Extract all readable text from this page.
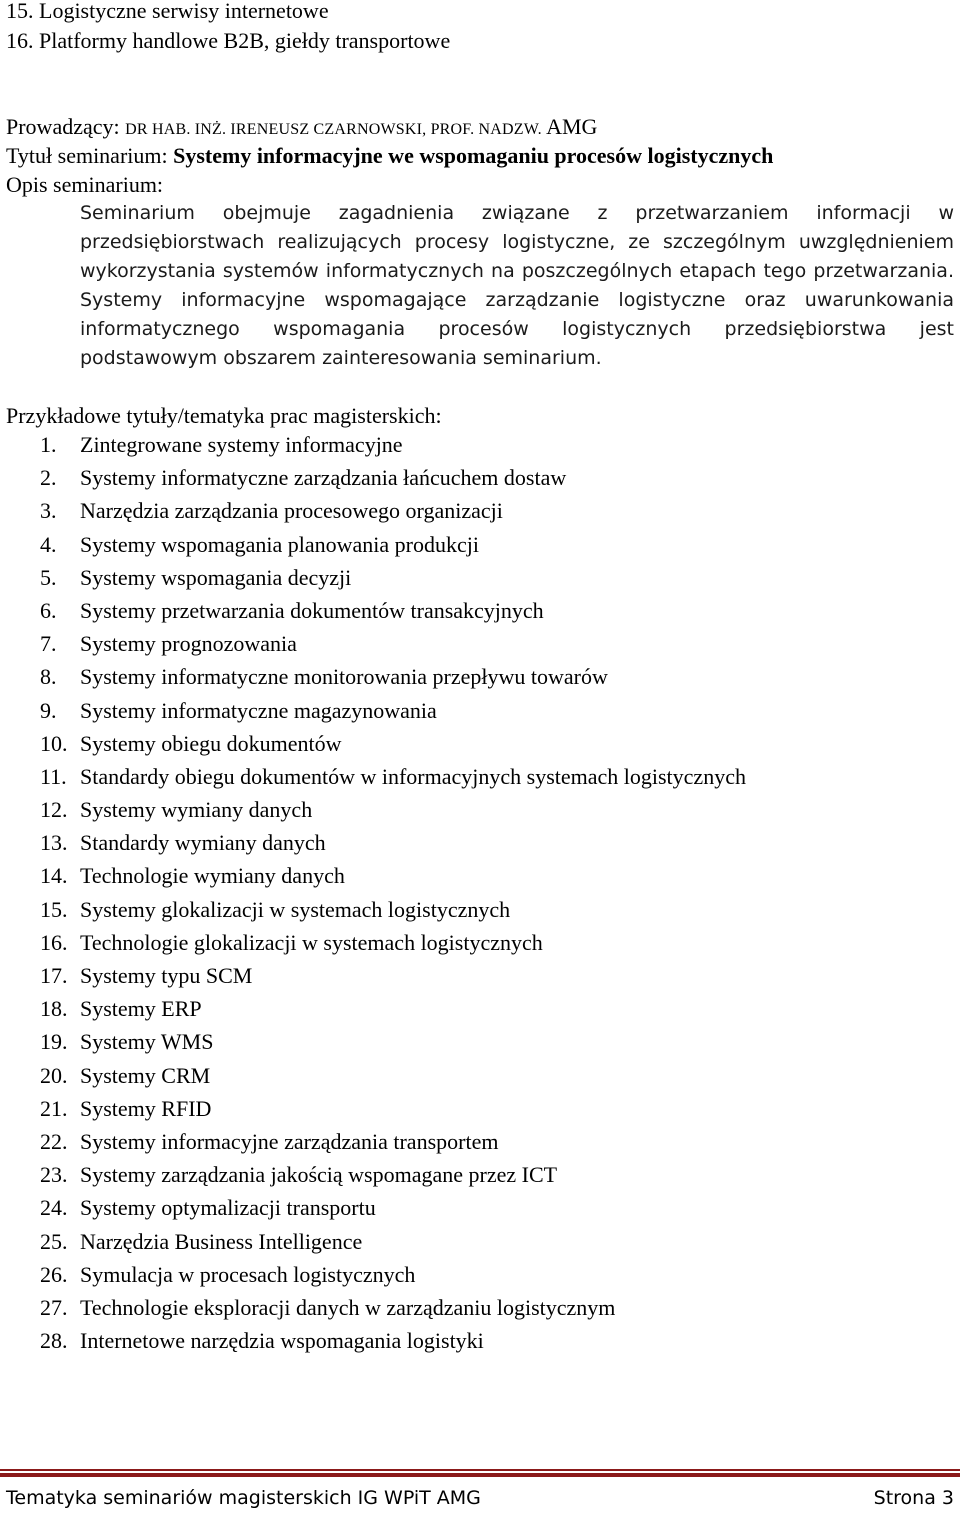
15. Logistyczne serwisy internetowe
16. Platformy handlowe B2B, giełdy transportowe

Prowadzący: DR HAB. INŻ. IRENEUSZ CZARNOWSKI, PROF. NADZW. AMG

Tytuł seminarium: Systemy informacyjne we wspomaganiu procesów logistycznych

Opis seminarium:

Seminarium obejmuje zagadnienia związane z przetwarzaniem informacji w przedsiębiorstwach realizujących procesy logistyczne, ze szczególnym uwzględnieniem wykorzystania systemów informatycznych na poszczególnych etapach tego przetwarzania. Systemy informacyjne wspomagające zarządzanie logistyczne oraz uwarunkowania informatycznego wspomagania procesów logistycznych przedsiębiorstwa jest podstawowym obszarem zainteresowania seminarium.

Przykładowe tytuły/tematyka prac magisterskich:

1.	Zintegrowane systemy informacyjne
2.	Systemy informatyczne zarządzania łańcuchem dostaw
3.	Narzędzia zarządzania procesowego organizacji
4.	Systemy wspomagania planowania produkcji
5.	Systemy wspomagania decyzji
6.	Systemy przetwarzania dokumentów transakcyjnych
7.	Systemy prognozowania
8.	Systemy informatyczne monitorowania przepływu towarów
9.	Systemy informatyczne magazynowania
10. Systemy obiegu dokumentów
11. Standardy obiegu dokumentów w informacyjnych systemach logistycznych
12. Systemy wymiany danych
13. Standardy wymiany danych
14. Technologie wymiany danych
15. Systemy glokalizacji w systemach logistycznych
16. Technologie glokalizacji w systemach logistycznych
17. Systemy typu SCM
18. Systemy ERP
19. Systemy WMS
20. Systemy CRM
21. Systemy RFID
22. Systemy informacyjne zarządzania transportem
23. Systemy zarządzania jakością wspomagane przez ICT
24. Systemy optymalizacji transportu
25. Narzędzia Business Intelligence
26. Symulacja w procesach logistycznych
27. Technologie eksploracji danych w zarządzaniu logistycznym
28. Internetowe narzędzia wspomagania logistyki
Tematyka seminariów magisterskich IG WPiT AMG	Strona 3
